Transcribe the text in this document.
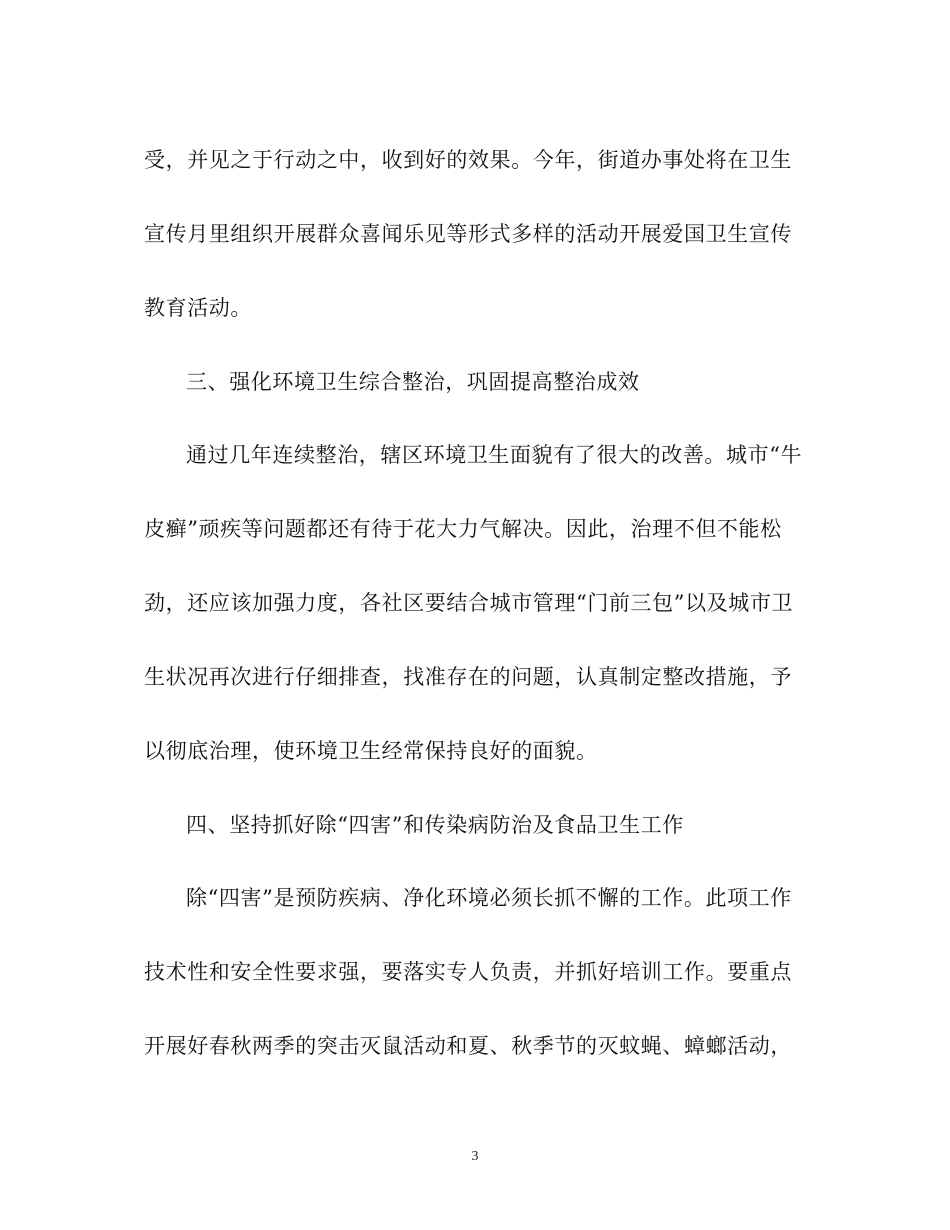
受，并见之于行动之中，收到好的效果。今年，街道办事处将在卫生
宣传月里组织开展群众喜闻乐见等形式多样的活动开展爱国卫生宣传
教育活动。
三、强化环境卫生综合整治，巩固提高整治成效
通过几年连续整治，辖区环境卫生面貌有了很大的改善。城市“牛
皮癣”顽疾等问题都还有待于花大力气解决。因此，治理不但不能松
劲，还应该加强力度，各社区要结合城市管理“门前三包”以及城市卫
生状况再次进行仔细排查，找准存在的问题，认真制定整改措施，予
以彻底治理，使环境卫生经常保持良好的面貌。
四、坚持抓好除“四害”和传染病防治及食品卫生工作
除“四害”是预防疾病、净化环境必须长抓不懈的工作。此项工作
技术性和安全性要求强，要落实专人负责，并抓好培训工作。要重点
开展好春秋两季的突击灭鼠活动和夏、秋季节的灭蚊蝇、蟑螂活动，
3
